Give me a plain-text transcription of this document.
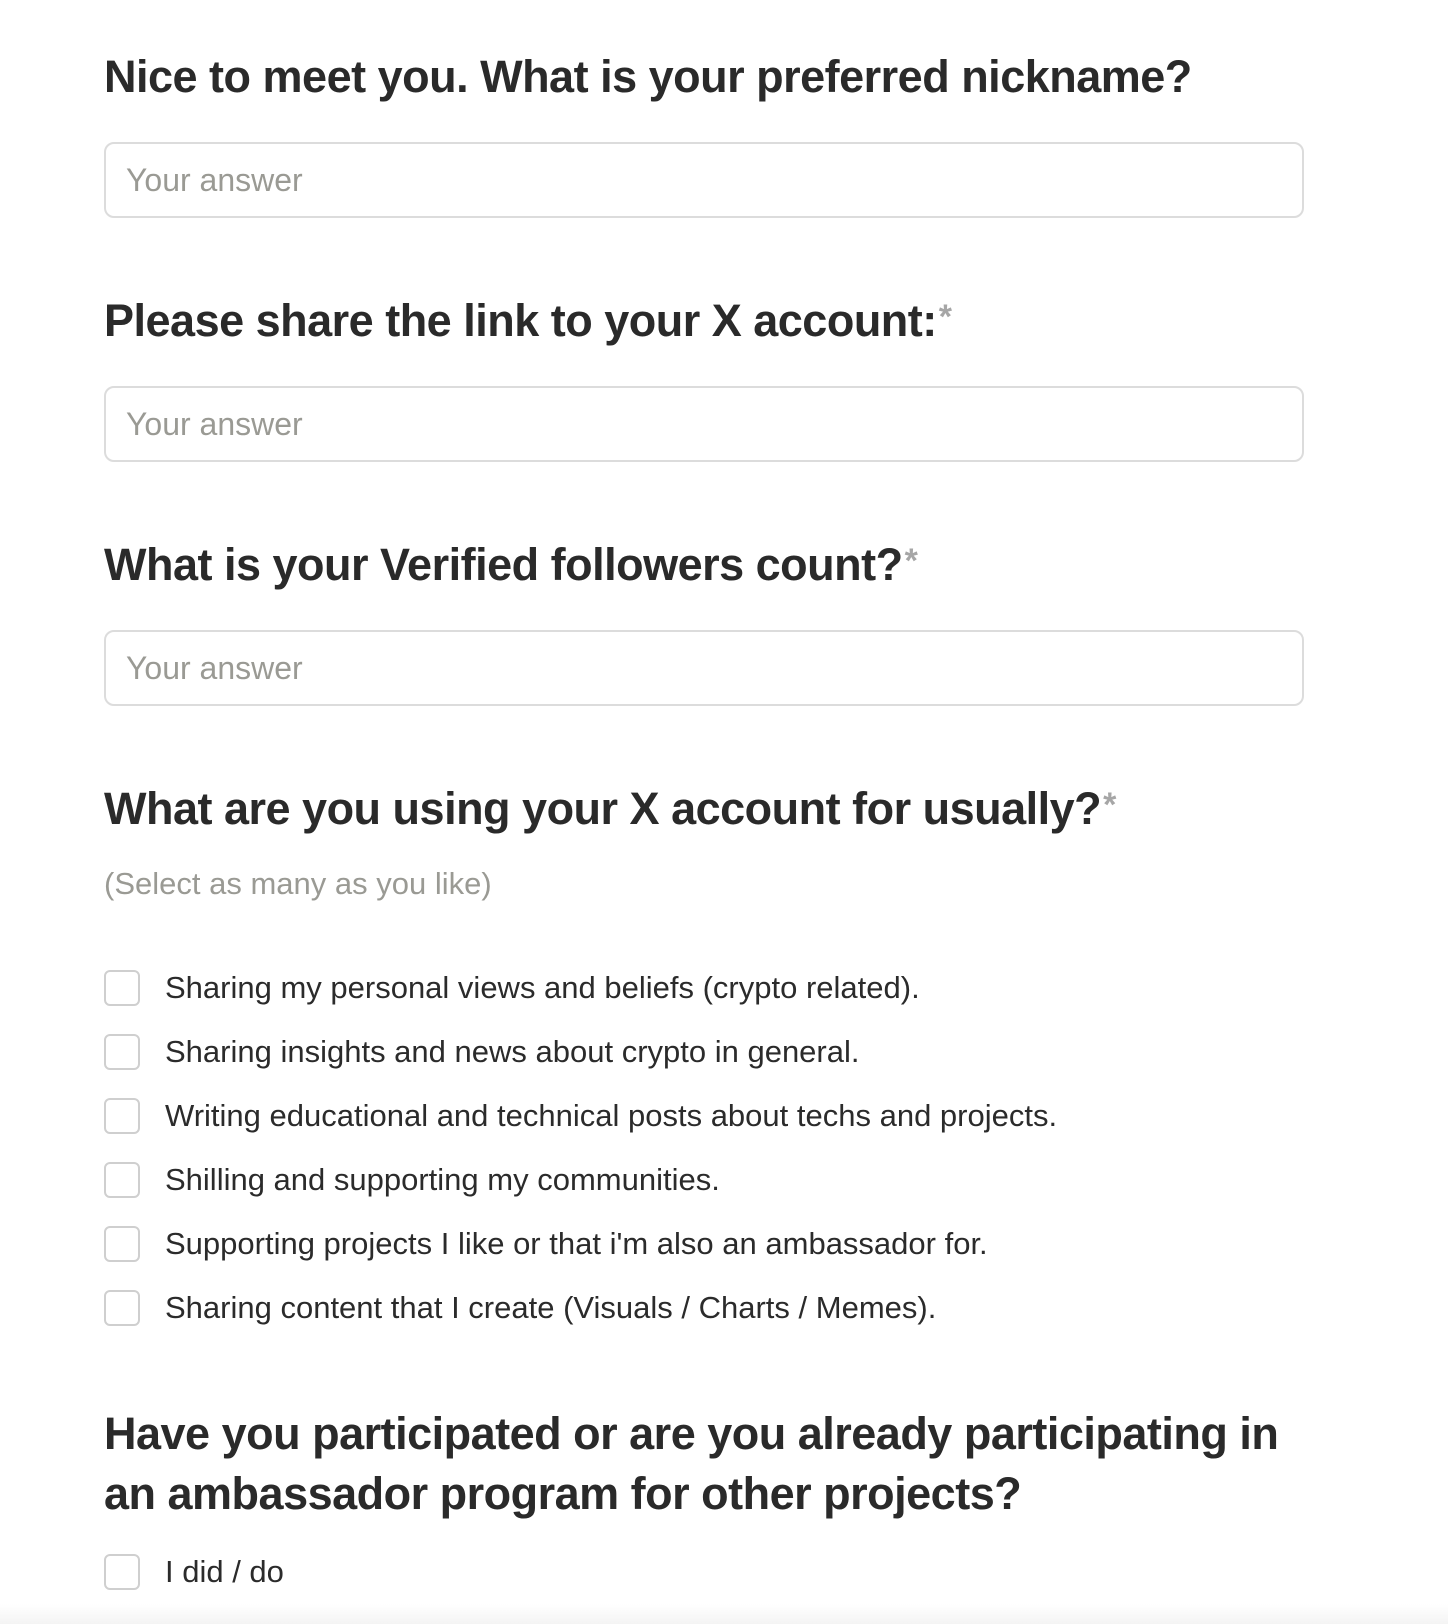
Nice to meet you. What is your preferred nickname?
Your answer
Please share the link to your X account:*
Your answer
What is your Verified followers count?*
Your answer
What are you using your X account for usually?*
(Select as many as you like)
Sharing my personal views and beliefs (crypto related).
Sharing insights and news about crypto in general.
Writing educational and technical posts about techs and projects.
Shilling and supporting my communities.
Supporting projects I like or that i'm also an ambassador for.
Sharing content that I create (Visuals / Charts / Memes).
Have you participated or are you already participating in an ambassador program for other projects?
I did / do
